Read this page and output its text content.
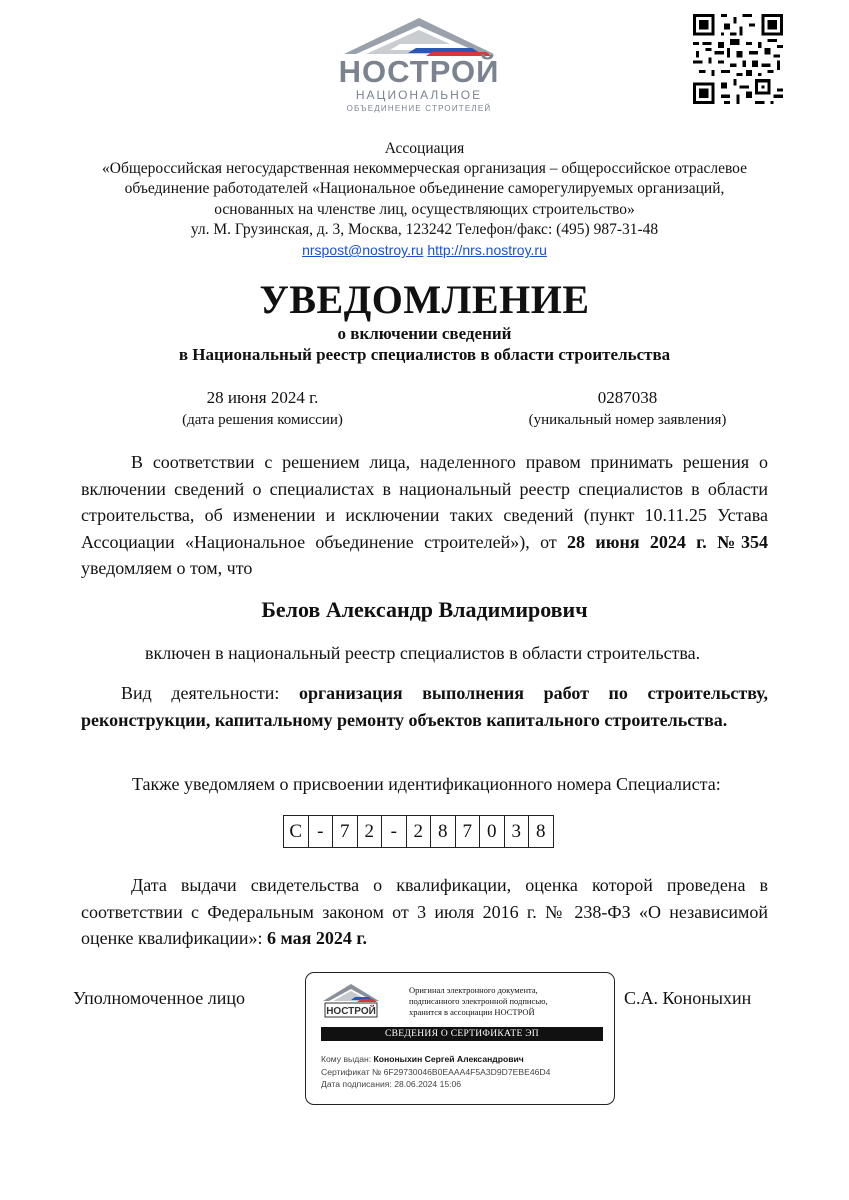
НОСТРОЙ
НАЦИОНАЛЬНОЕ
ОБЪЕДИНЕНИЕ СТРОИТЕЛЕЙ
Ассоциация
«Общероссийская негосударственная некоммерческая организация – общероссийское отраслевое
объединение работодателей «Национальное объединение саморегулируемых организаций,
основанных на членстве лиц, осуществляющих строительство»
ул. М. Грузинская, д. 3, Москва, 123242 Телефон/факс: (495) 987-31-48
nrspost@nostroy.ru http://nrs.nostroy.ru
УВЕДОМЛЕНИЕ
о включении сведений
в Национальный реестр специалистов в области строительства
28 июня 2024 г.
(дата решения комиссии)
0287038
(уникальный номер заявления)
В соответствии с решением лица, наделенного правом принимать решения о включении сведений о специалистах в национальный реестр специалистов в области строительства, об изменении и исключении таких сведений (пункт 10.11.25 Устава Ассоциации «Национальное объединение строителей»), от 28 июня 2024 г. №354 уведомляем о том, что
Белов Александр Владимирович
включен в национальный реестр специалистов в области строительства.
Вид деятельности: организация выполнения работ по строительству, реконструкции, капитальному ремонту объектов капитального строительства.
Также уведомляем о присвоении идентификационного номера Специалиста:
С - 7 2 - 2 8 7 0 3 8
Дата выдачи свидетельства о квалификации, оценка которой проведена в соответствии с Федеральным законом от 3 июля 2016 г. № 238-ФЗ «О независимой оценке квалификации»: 6 мая 2024 г.
Уполномоченное лицо	С.А. Кононыхин
НОСТРОЙ
Оригинал электронного документа,
подписанного электронной подписью,
хранится в ассоциации НОСТРОЙ
СВЕДЕНИЯ О СЕРТИФИКАТЕ ЭП
Кому выдан: Кононыхин Сергей Александрович
Сертификат № 6F29730046B0EAAA4F5A3D9D7EBE46D4
Дата подписания: 28.06.2024 15:06
